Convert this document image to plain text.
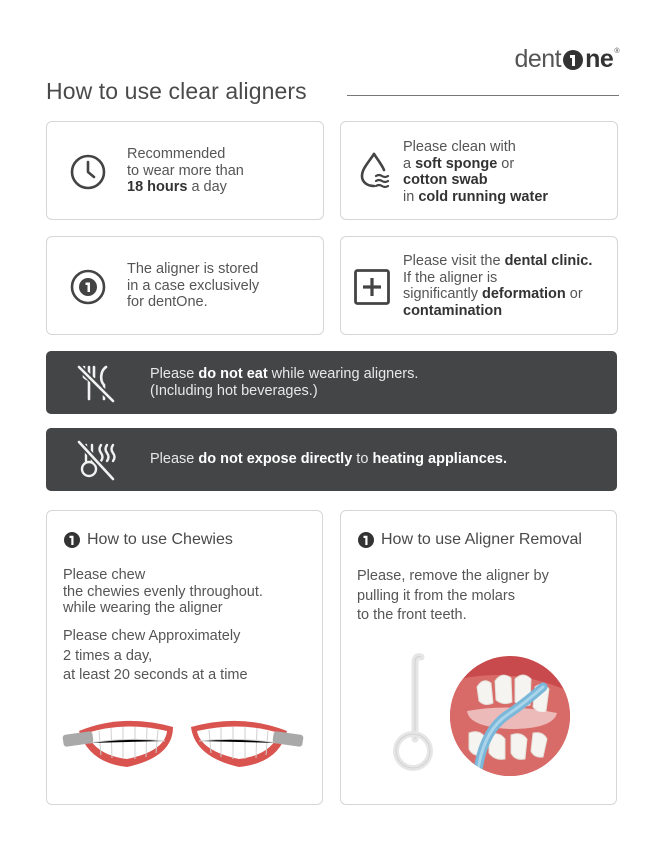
dent ne®
How to use clear aligners
Recommended
to wear more than
18 hours a day
Please clean with
a soft sponge or
cotton swab
in cold running water
The aligner is stored
in a case exclusively
for dentOne.
Please visit the dental clinic.
If the aligner is
significantly deformation or
contamination
Please do not eat while wearing aligners.
(Including hot beverages.)
Please do not expose directly to heating appliances.
How to use Chewies
Please chew
the chewies evenly throughout.
while wearing the aligner
Please chew Approximately
2 times a day,
at least 20 seconds at a time
How to use Aligner Removal
Please, remove the aligner by
pulling it from the molars
to the front teeth.
